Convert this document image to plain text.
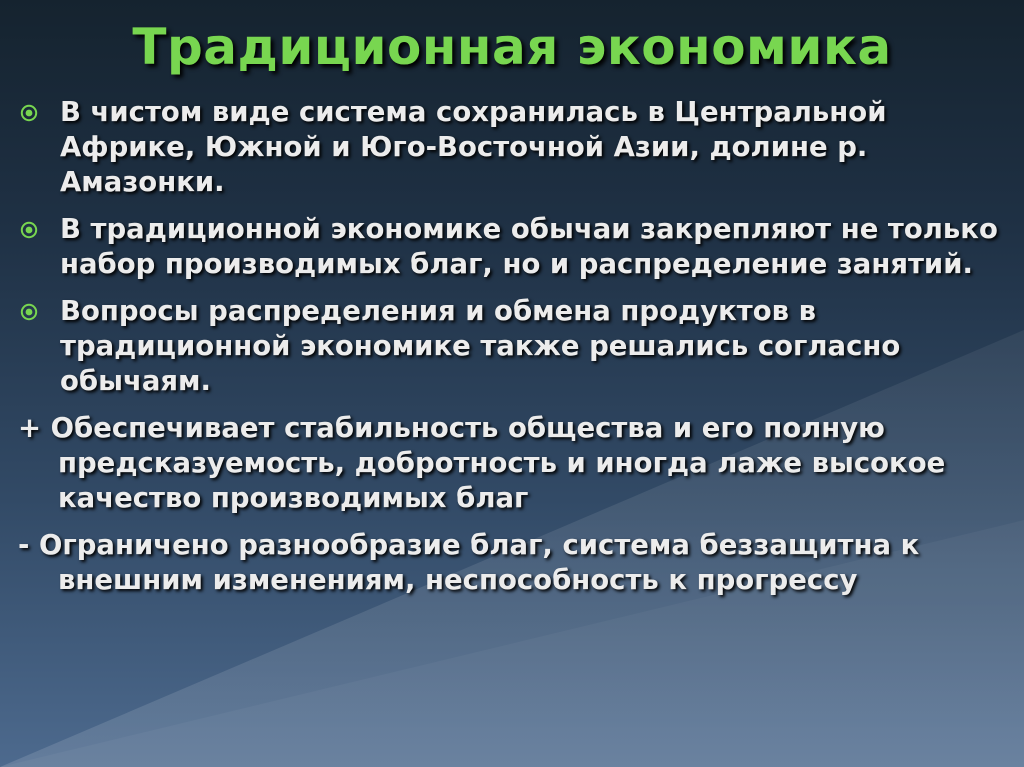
Традиционная экономика
В чистом виде система сохранилась в Центральной Африке, Южной и Юго-Восточной Азии, долине р. Амазонки.
В традиционной экономике обычаи закрепляют не только набор производимых благ, но и распределение занятий.
Вопросы распределения и обмена продуктов в традиционной экономике также решались согласно обычаям.
+ Обеспечивает стабильность общества и его полную предсказуемость, добротность и иногда лаже высокое качество производимых благ
- Ограничено разнообразие благ, система беззащитна к внешним изменениям, неспособность к прогрессу
